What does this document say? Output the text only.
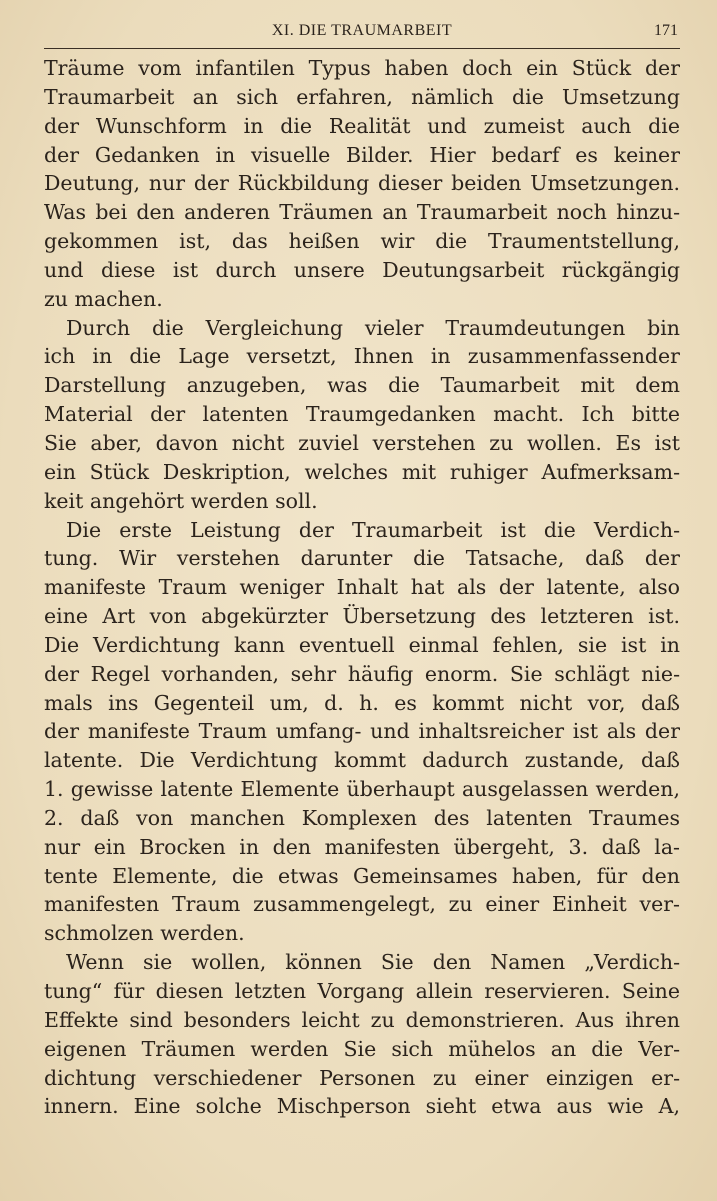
XI. DIE TRAUMARBEIT	171
Träume vom infantilen Typus haben doch ein Stück der
Traumarbeit an sich erfahren, nämlich die Umsetzung
der Wunschform in die Realität und zumeist auch die
der Gedanken in visuelle Bilder. Hier bedarf es keiner
Deutung, nur der Rückbildung dieser beiden Umsetzungen.
Was bei den anderen Träumen an Traumarbeit noch hinzu-
gekommen ist, das heißen wir die Traumentstellung,
und diese ist durch unsere Deutungsarbeit rückgängig
zu machen.
Durch die Vergleichung vieler Traumdeutungen bin
ich in die Lage versetzt, Ihnen in zusammenfassender
Darstellung anzugeben, was die Taumarbeit mit dem
Material der latenten Traumgedanken macht. Ich bitte
Sie aber, davon nicht zuviel verstehen zu wollen. Es ist
ein Stück Deskription, welches mit ruhiger Aufmerksam-
keit angehört werden soll.
Die erste Leistung der Traumarbeit ist die Verdich-
tung. Wir verstehen darunter die Tatsache, daß der
manifeste Traum weniger Inhalt hat als der latente, also
eine Art von abgekürzter Übersetzung des letzteren ist.
Die Verdichtung kann eventuell einmal fehlen, sie ist in
der Regel vorhanden, sehr häufig enorm. Sie schlägt nie-
mals ins Gegenteil um, d. h. es kommt nicht vor, daß
der manifeste Traum umfang- und inhaltsreicher ist als der
latente. Die Verdichtung kommt dadurch zustande, daß
1. gewisse latente Elemente überhaupt ausgelassen werden,
2. daß von manchen Komplexen des latenten Traumes
nur ein Brocken in den manifesten übergeht, 3. daß la-
tente Elemente, die etwas Gemeinsames haben, für den
manifesten Traum zusammengelegt, zu einer Einheit ver-
schmolzen werden.
Wenn sie wollen, können Sie den Namen „Verdich-
tung“ für diesen letzten Vorgang allein reservieren. Seine
Effekte sind besonders leicht zu demonstrieren. Aus ihren
eigenen Träumen werden Sie sich mühelos an die Ver-
dichtung verschiedener Personen zu einer einzigen er-
innern. Eine solche Mischperson sieht etwa aus wie A,
